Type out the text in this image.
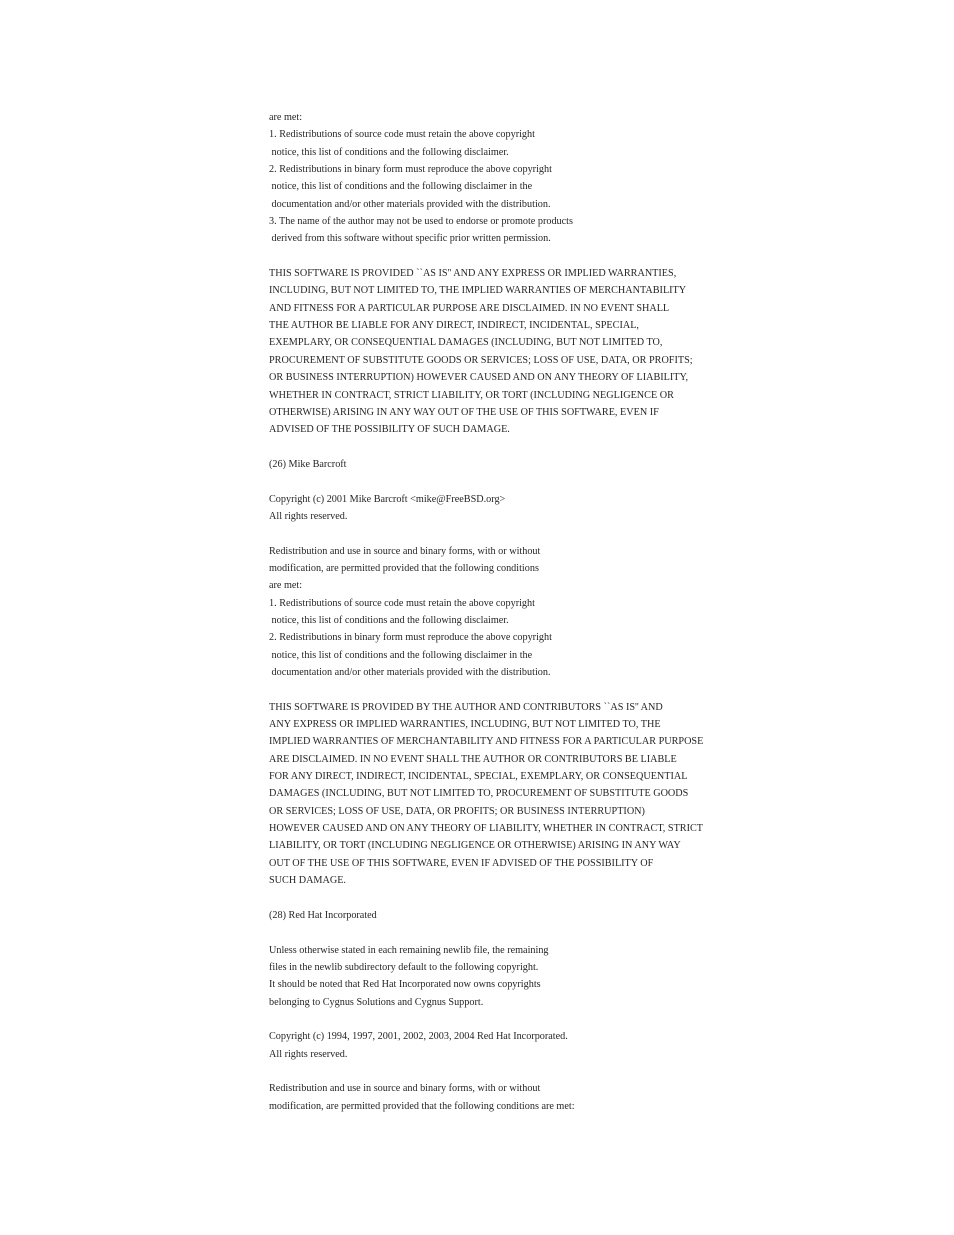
are met:
1. Redistributions of source code must retain the above copyright
notice, this list of conditions and the following disclaimer.
2. Redistributions in binary form must reproduce the above copyright
notice, this list of conditions and the following disclaimer in the
documentation and/or other materials provided with the distribution.
3. The name of the author may not be used to endorse or promote products
derived from this software without specific prior written permission.
THIS SOFTWARE IS PROVIDED ``AS IS'' AND ANY EXPRESS OR IMPLIED WARRANTIES,
INCLUDING, BUT NOT LIMITED TO, THE IMPLIED WARRANTIES OF MERCHANTABILITY
AND FITNESS FOR A PARTICULAR PURPOSE ARE DISCLAIMED. IN NO EVENT SHALL
THE AUTHOR BE LIABLE FOR ANY DIRECT, INDIRECT, INCIDENTAL, SPECIAL,
EXEMPLARY, OR CONSEQUENTIAL DAMAGES (INCLUDING, BUT NOT LIMITED TO,
PROCUREMENT OF SUBSTITUTE GOODS OR SERVICES; LOSS OF USE, DATA, OR PROFITS;
OR BUSINESS INTERRUPTION) HOWEVER CAUSED AND ON ANY THEORY OF LIABILITY,
WHETHER IN CONTRACT, STRICT LIABILITY, OR TORT (INCLUDING NEGLIGENCE OR
OTHERWISE) ARISING IN ANY WAY OUT OF THE USE OF THIS SOFTWARE, EVEN IF
ADVISED OF THE POSSIBILITY OF SUCH DAMAGE.
(26) Mike Barcroft
Copyright (c) 2001 Mike Barcroft <mike@FreeBSD.org>
All rights reserved.
Redistribution and use in source and binary forms, with or without
modification, are permitted provided that the following conditions
are met:
1. Redistributions of source code must retain the above copyright
notice, this list of conditions and the following disclaimer.
2. Redistributions in binary form must reproduce the above copyright
notice, this list of conditions and the following disclaimer in the
documentation and/or other materials provided with the distribution.
THIS SOFTWARE IS PROVIDED BY THE AUTHOR AND CONTRIBUTORS ``AS IS'' AND
ANY EXPRESS OR IMPLIED WARRANTIES, INCLUDING, BUT NOT LIMITED TO, THE
IMPLIED WARRANTIES OF MERCHANTABILITY AND FITNESS FOR A PARTICULAR PURPOSE
ARE DISCLAIMED. IN NO EVENT SHALL THE AUTHOR OR CONTRIBUTORS BE LIABLE
FOR ANY DIRECT, INDIRECT, INCIDENTAL, SPECIAL, EXEMPLARY, OR CONSEQUENTIAL
DAMAGES (INCLUDING, BUT NOT LIMITED TO, PROCUREMENT OF SUBSTITUTE GOODS
OR SERVICES; LOSS OF USE, DATA, OR PROFITS; OR BUSINESS INTERRUPTION)
HOWEVER CAUSED AND ON ANY THEORY OF LIABILITY, WHETHER IN CONTRACT, STRICT
LIABILITY, OR TORT (INCLUDING NEGLIGENCE OR OTHERWISE) ARISING IN ANY WAY
OUT OF THE USE OF THIS SOFTWARE, EVEN IF ADVISED OF THE POSSIBILITY OF
SUCH DAMAGE.
(28) Red Hat Incorporated
Unless otherwise stated in each remaining newlib file, the remaining
files in the newlib subdirectory default to the following copyright.
It should be noted that Red Hat Incorporated now owns copyrights
belonging to Cygnus Solutions and Cygnus Support.
Copyright (c) 1994, 1997, 2001, 2002, 2003, 2004 Red Hat Incorporated.
All rights reserved.
Redistribution and use in source and binary forms, with or without
modification, are permitted provided that the following conditions are met:
